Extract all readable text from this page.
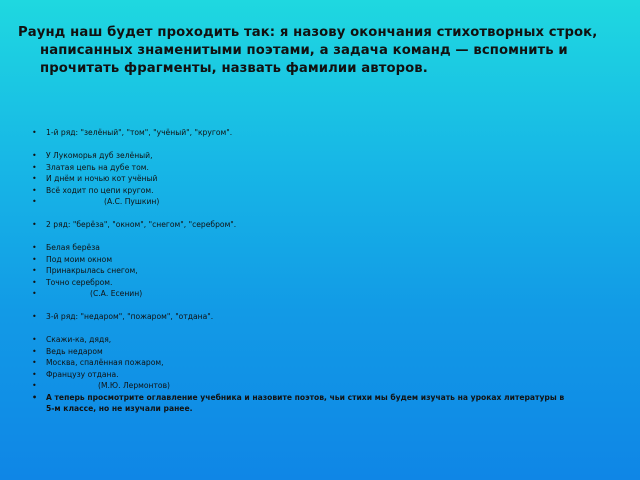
Раунд наш будет проходить так: я назову окончания стихотворных строк, написанных знаменитыми поэтами, а задача команд — вспомнить и прочитать фрагменты, назвать фамилии авторов.
• 1-й ряд: "зелёный", "том", "учёный", "кругом".
• У Лукоморья дуб зелёный,
• Златая цепь на дубе том.
• И днём и ночью кот учёный
• Всё ходит по цепи кругом.
• (А.С. Пушкин)
• 2 ряд: "берёза", "окном", "снегом", "серебром".
• Белая берёза
• Под моим окном
• Принакрылась снегом,
• Точно серебром.
• (С.А. Есенин)
• 3-й ряд: "недаром", "пожаром", "отдана".
• Скажи-ка, дядя,
• Ведь недаром
• Москва, спалённая пожаром,
• Французу отдана.
• (М.Ю. Лермонтов)
• А теперь просмотрите оглавление учебника и назовите поэтов, чьи стихи мы будем изучать на уроках литературы в 5-м классе, но не изучали ранее.
